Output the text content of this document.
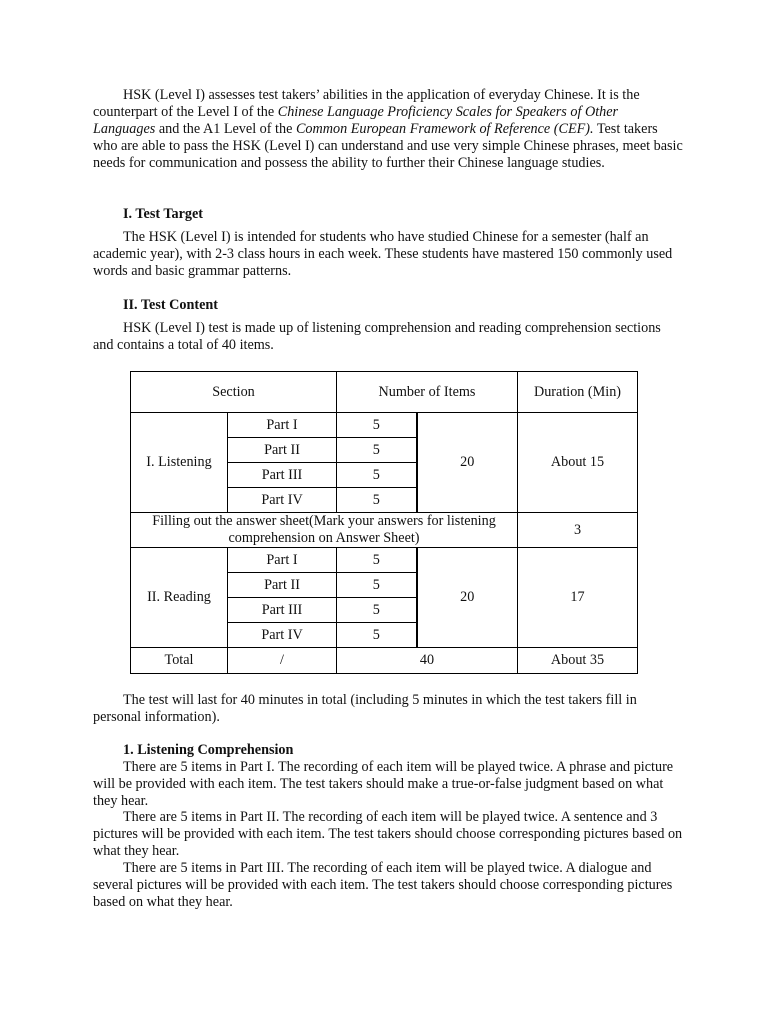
HSK (Level I) assesses test takers’ abilities in the application of everyday Chinese. It is the counterpart of the Level I of the Chinese Language Proficiency Scales for Speakers of Other Languages and the A1 Level of the Common European Framework of Reference (CEF). Test takers who are able to pass the HSK (Level I) can understand and use very simple Chinese phrases, meet basic needs for communication and possess the ability to further their Chinese language studies.

I. Test Target

The HSK (Level I) is intended for students who have studied Chinese for a semester (half an academic year), with 2-3 class hours in each week. These students have mastered 150 commonly used words and basic grammar patterns.

II. Test Content

HSK (Level I) test is made up of listening comprehension and reading comprehension sections and contains a total of 40 items.

Section		Number of Items		Duration (Min)
I. Listening	Part I	5	20	About 15
	Part II	5		
	Part III	5		
	Part IV	5		
Filling out the answer sheet(Mark your answers for listening comprehension on Answer Sheet)				3
II. Reading	Part I	5	20	17
	Part II	5		
	Part III	5		
	Part IV	5		
Total	/	40		About 35

The test will last for 40 minutes in total (including 5 minutes in which the test takers fill in personal information).

1. Listening Comprehension

There are 5 items in Part I. The recording of each item will be played twice. A phrase and picture will be provided with each item. The test takers should make a true-or-false judgment based on what they hear.

There are 5 items in Part II. The recording of each item will be played twice. A sentence and 3 pictures will be provided with each item. The test takers should choose corresponding pictures based on what they hear.

There are 5 items in Part III. The recording of each item will be played twice. A dialogue and several pictures will be provided with each item. The test takers should choose corresponding pictures based on what they hear.
